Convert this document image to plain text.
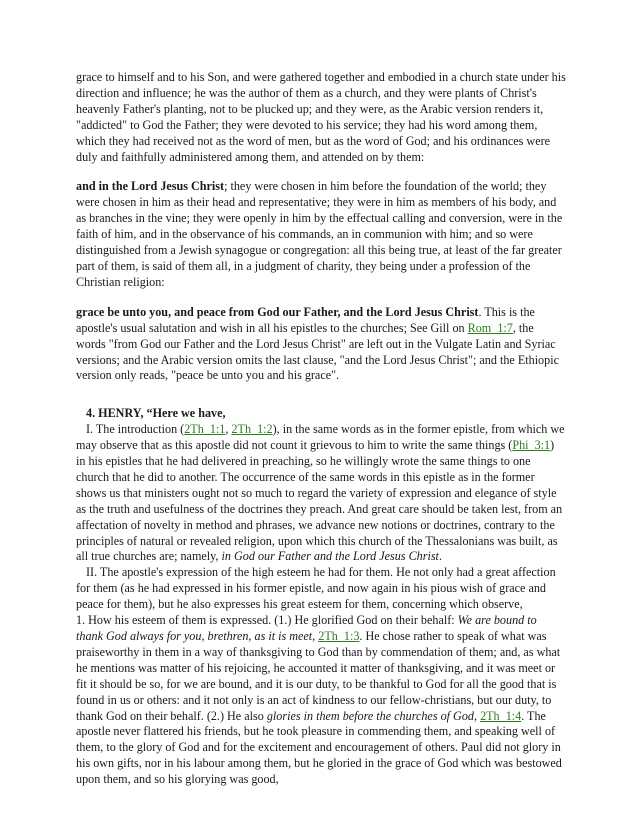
grace to himself and to his Son, and were gathered together and embodied in a church state under his direction and influence; he was the author of them as a church, and they were plants of Christ's heavenly Father's planting, not to be plucked up; and they were, as the Arabic version renders it, "addicted" to God the Father; they were devoted to his service; they had his word among them, which they had received not as the word of men, but as the word of God; and his ordinances were duly and faithfully administered among them, and attended on by them:

and in the Lord Jesus Christ; they were chosen in him before the foundation of the world; they were chosen in him as their head and representative; they were in him as members of his body, and as branches in the vine; they were openly in him by the effectual calling and conversion, were in the faith of him, and in the observance of his commands, an in communion with him; and so were distinguished from a Jewish synagogue or congregation: all this being true, at least of the far greater part of them, is said of them all, in a judgment of charity, they being under a profession of the Christian religion:

grace be unto you, and peace from God our Father, and the Lord Jesus Christ. This is the apostle's usual salutation and wish in all his epistles to the churches; See Gill on Rom_1:7, the words "from God our Father and the Lord Jesus Christ" are left out in the Vulgate Latin and Syriac versions; and the Arabic version omits the last clause, "and the Lord Jesus Christ"; and the Ethiopic version only reads, "peace be unto you and his grace".

4. HENRY, “Here we have,

I. The introduction (2Th_1:1, 2Th_1:2), in the same words as in the former epistle, from which we may observe that as this apostle did not count it grievous to him to write the same things (Phi_3:1) in his epistles that he had delivered in preaching, so he willingly wrote the same things to one church that he did to another. The occurrence of the same words in this epistle as in the former shows us that ministers ought not so much to regard the variety of expression and elegance of style as the truth and usefulness of the doctrines they preach. And great care should be taken lest, from an affectation of novelty in method and phrases, we advance new notions or doctrines, contrary to the principles of natural or revealed religion, upon which this church of the Thessalonians was built, as all true churches are; namely, in God our Father and the Lord Jesus Christ.

II. The apostle's expression of the high esteem he had for them. He not only had a great affection for them (as he had expressed in his former epistle, and now again in his pious wish of grace and peace for them), but he also expresses his great esteem for them, concerning which observe,

1. How his esteem of them is expressed. (1.) He glorified God on their behalf: We are bound to thank God always for you, brethren, as it is meet, 2Th_1:3. He chose rather to speak of what was praiseworthy in them in a way of thanksgiving to God than by commendation of them; and, as what he mentions was matter of his rejoicing, he accounted it matter of thanksgiving, and it was meet or fit it should be so, for we are bound, and it is our duty, to be thankful to God for all the good that is found in us or others: and it not only is an act of kindness to our fellow-christians, but our duty, to thank God on their behalf. (2.) He also glories in them before the churches of God, 2Th_1:4. The apostle never flattered his friends, but he took pleasure in commending them, and speaking well of them, to the glory of God and for the excitement and encouragement of others. Paul did not glory in his own gifts, nor in his labour among them, but he gloried in the grace of God which was bestowed upon them, and so his glorying was good,
